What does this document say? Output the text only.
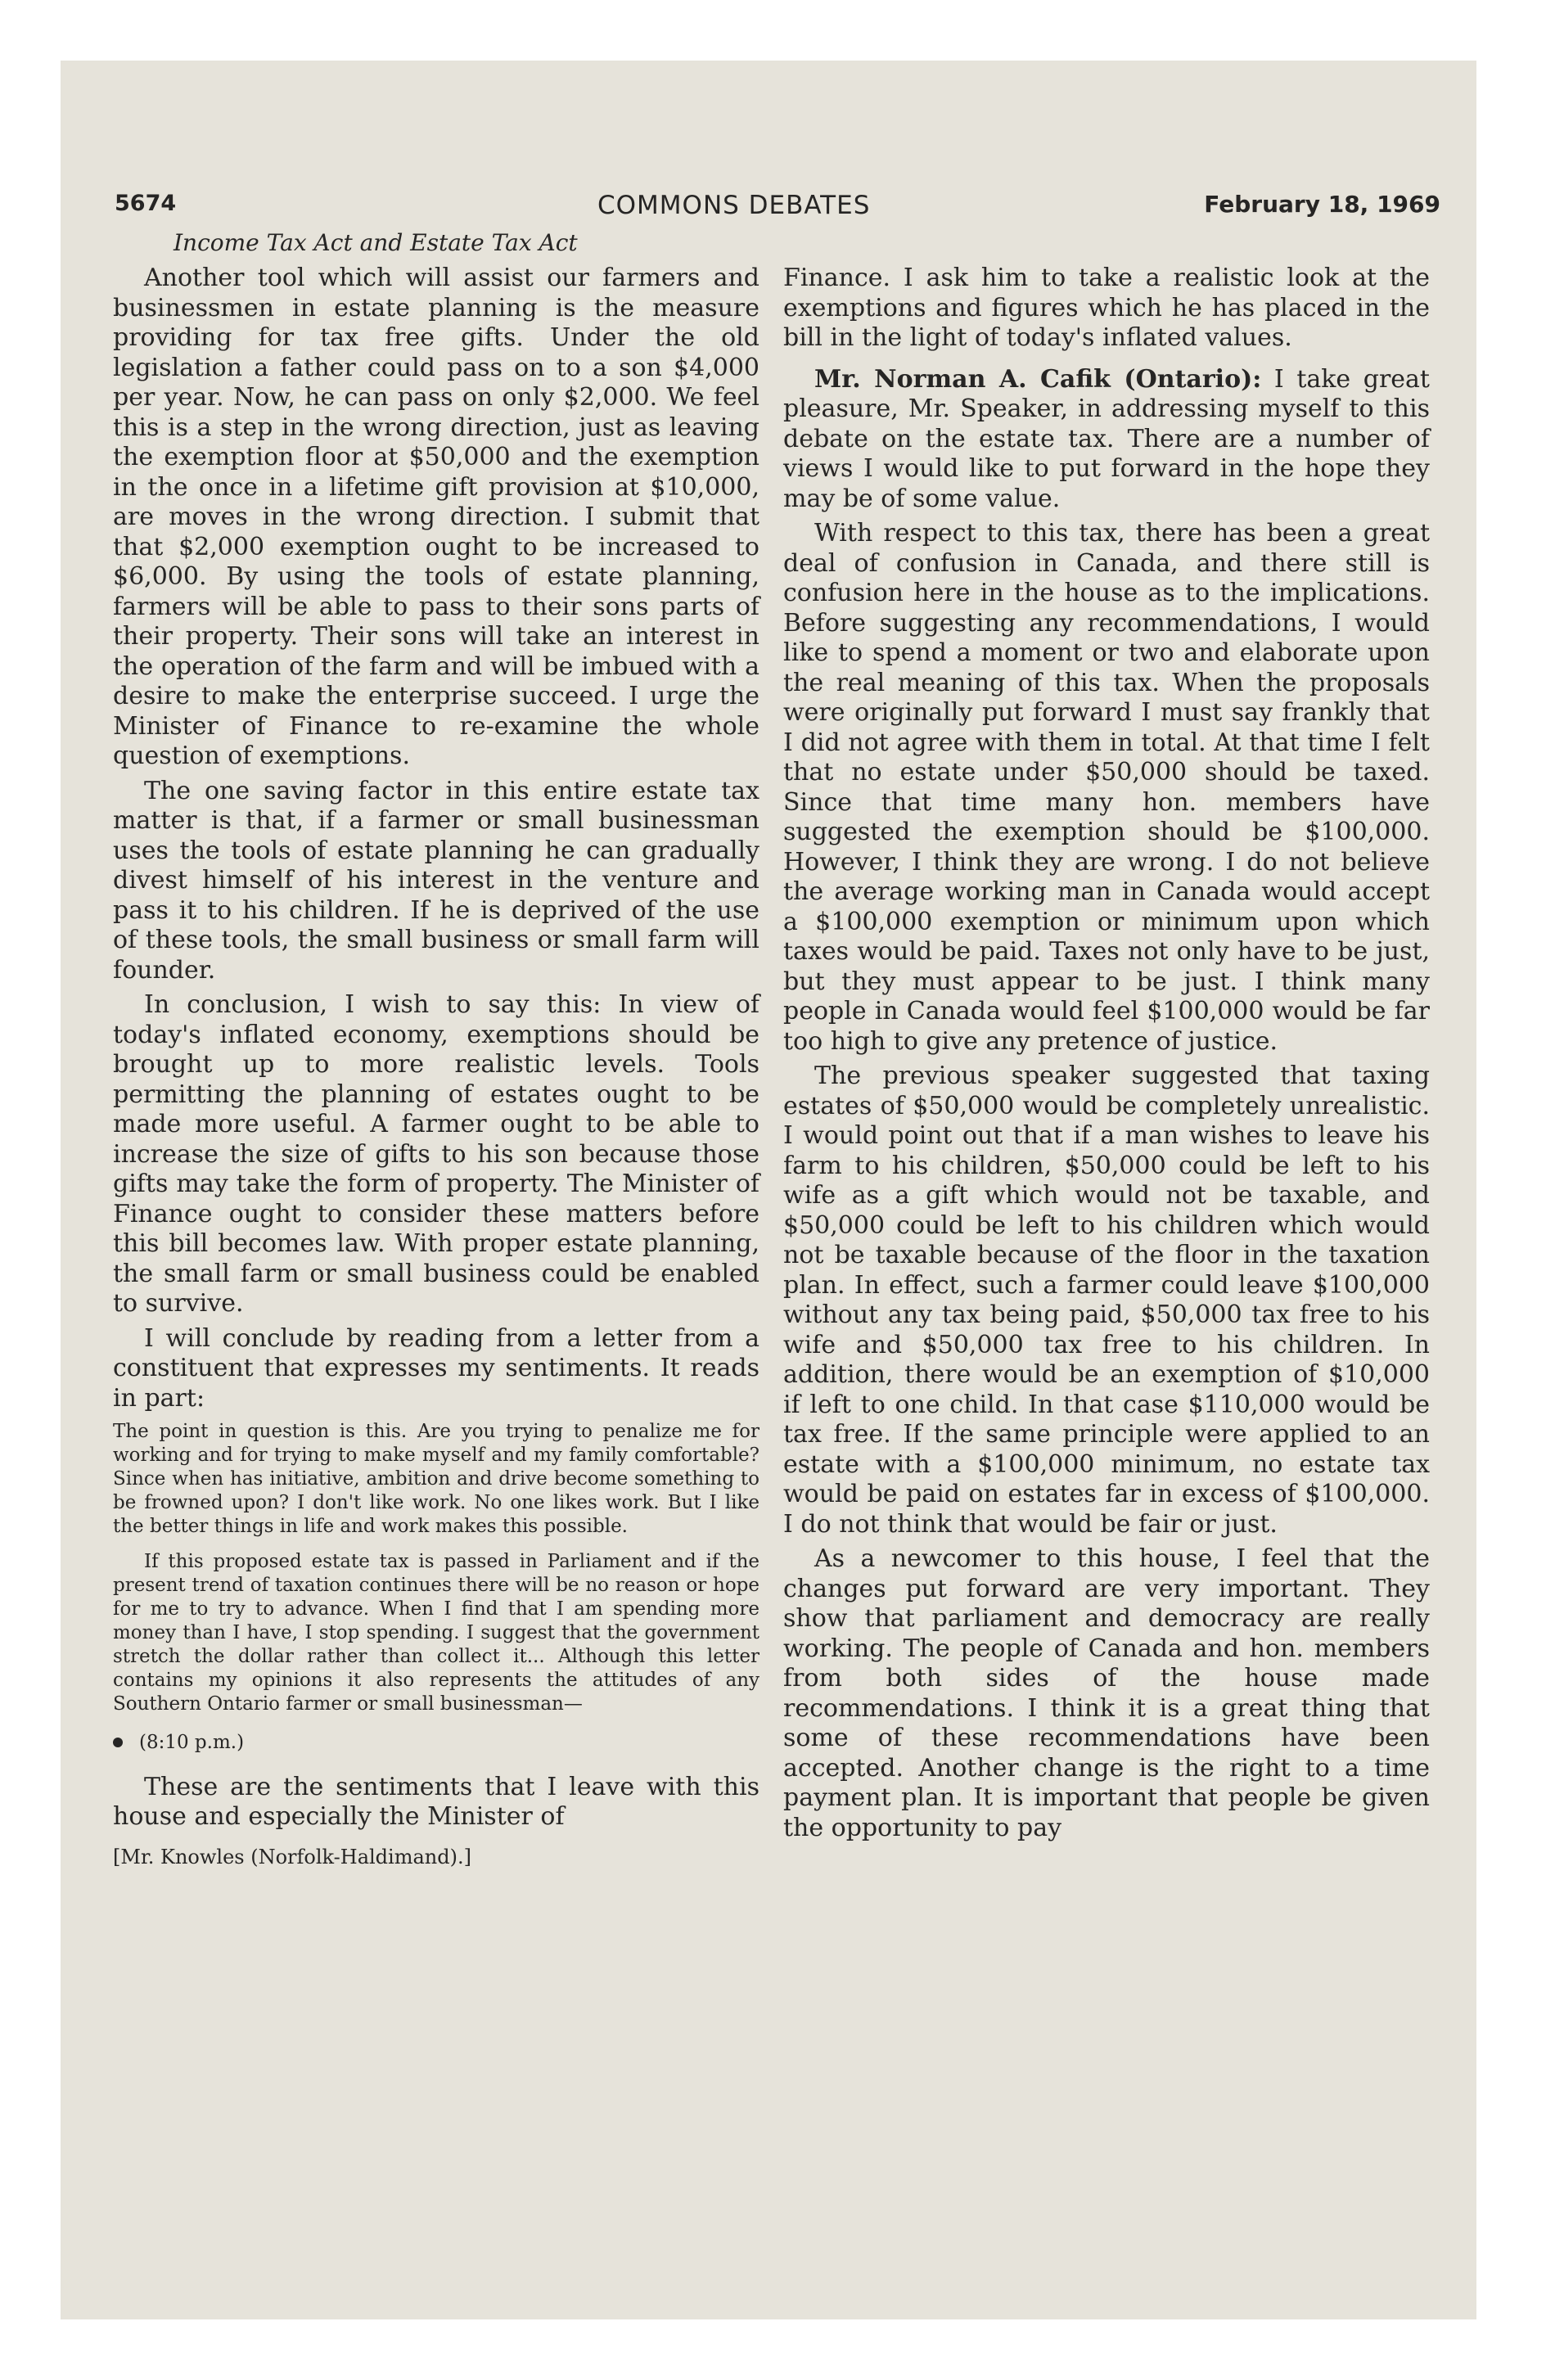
5674	COMMONS DEBATES	February 18, 1969
Income Tax Act and Estate Tax Act

Another tool which will assist our farmers and businessmen in estate planning is the measure providing for tax free gifts. Under the old legislation a father could pass on to a son $4,000 per year. Now, he can pass on only $2,000. We feel this is a step in the wrong direction, just as leaving the exemption floor at $50,000 and the exemption in the once in a lifetime gift provision at $10,000, are moves in the wrong direction. I submit that that $2,000 exemption ought to be increased to $6,000. By using the tools of estate planning, farmers will be able to pass to their sons parts of their property. Their sons will take an interest in the operation of the farm and will be imbued with a desire to make the enterprise succeed. I urge the Minister of Finance to re-examine the whole question of exemptions.

The one saving factor in this entire estate tax matter is that, if a farmer or small businessman uses the tools of estate planning he can gradually divest himself of his interest in the venture and pass it to his children. If he is deprived of the use of these tools, the small business or small farm will founder.

In conclusion, I wish to say this: In view of today's inflated economy, exemptions should be brought up to more realistic levels. Tools permitting the planning of estates ought to be made more useful. A farmer ought to be able to increase the size of gifts to his son because those gifts may take the form of property. The Minister of Finance ought to consider these matters before this bill becomes law. With proper estate planning, the small farm or small business could be enabled to survive.

I will conclude by reading from a letter from a constituent that expresses my sentiments. It reads in part:

The point in question is this. Are you trying to penalize me for working and for trying to make myself and my family comfortable? Since when has initiative, ambition and drive become something to be frowned upon? I don't like work. No one likes work. But I like the better things in life and work makes this possible.

If this proposed estate tax is passed in Parliament and if the present trend of taxation continues there will be no reason or hope for me to try to advance. When I find that I am spending more money than I have, I stop spending. I suggest that the government stretch the dollar rather than collect it... Although this letter contains my opinions it also represents the attitudes of any Southern Ontario farmer or small businessman—

(8:10 p.m.)

These are the sentiments that I leave with this house and especially the Minister of

[Mr. Knowles (Norfolk-Haldimand).]

Finance. I ask him to take a realistic look at the exemptions and figures which he has placed in the bill in the light of today's inflated values.

Mr. Norman A. Cafik (Ontario): I take great pleasure, Mr. Speaker, in addressing myself to this debate on the estate tax. There are a number of views I would like to put forward in the hope they may be of some value.

With respect to this tax, there has been a great deal of confusion in Canada, and there still is confusion here in the house as to the implications. Before suggesting any recommendations, I would like to spend a moment or two and elaborate upon the real meaning of this tax. When the proposals were originally put forward I must say frankly that I did not agree with them in total. At that time I felt that no estate under $50,000 should be taxed. Since that time many hon. members have suggested the exemption should be $100,000. However, I think they are wrong. I do not believe the average working man in Canada would accept a $100,000 exemption or minimum upon which taxes would be paid. Taxes not only have to be just, but they must appear to be just. I think many people in Canada would feel $100,000 would be far too high to give any pretence of justice.

The previous speaker suggested that taxing estates of $50,000 would be completely unrealistic. I would point out that if a man wishes to leave his farm to his children, $50,000 could be left to his wife as a gift which would not be taxable, and $50,000 could be left to his children which would not be taxable because of the floor in the taxation plan. In effect, such a farmer could leave $100,000 without any tax being paid, $50,000 tax free to his wife and $50,000 tax free to his children. In addition, there would be an exemption of $10,000 if left to one child. In that case $110,000 would be tax free. If the same principle were applied to an estate with a $100,000 minimum, no estate tax would be paid on estates far in excess of $100,000. I do not think that would be fair or just.

As a newcomer to this house, I feel that the changes put forward are very important. They show that parliament and democracy are really working. The people of Canada and hon. members from both sides of the house made recommendations. I think it is a great thing that some of these recommendations have been accepted. Another change is the right to a time payment plan. It is important that people be given the opportunity to pay
